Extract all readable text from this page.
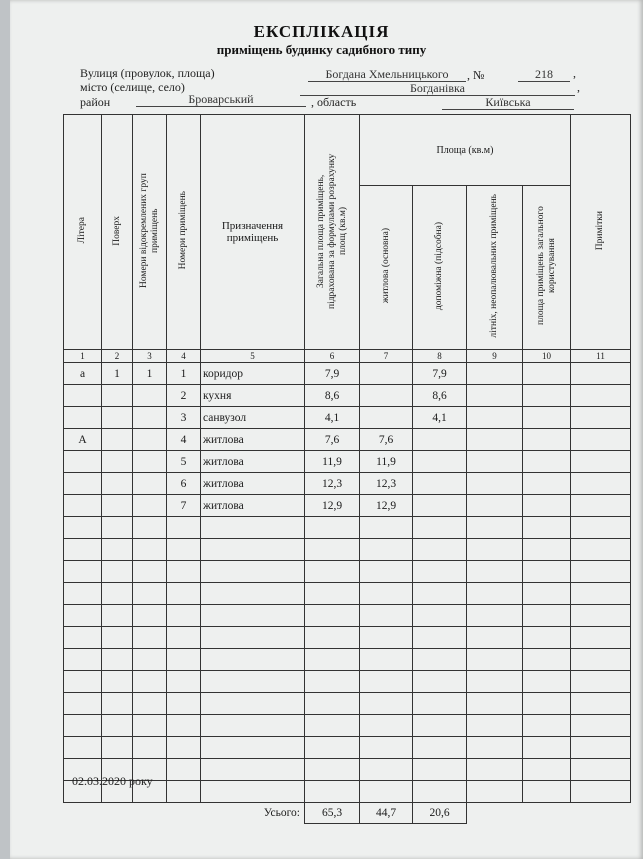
ЕКСПЛІКАЦІЯ
приміщень будинку садибного типу
Вулиця (провулок, площа)	Богдана Хмельницького	, №	218	,
місто (селище, село)	Богданівка	,
район	Броварський	, область	Київська
Літера	Поверх	Номери відокремлених груп приміщень	Номери приміщень	Призначення приміщень	Загальна площа приміщень, підрахована за формулами розрахунку площ (кв.м)	Площа (кв.м)				Примітки
						житлова (основна)	допоміжна (підсобна)	літніх, неопалювальних приміщень	площа приміщень загального користування	
1	2	3	4	5	6	7	8	9	10	11
а	1	1	1	коридор	7,9		7,9			
			2	кухня	8,6		8,6			
			3	санвузол	4,1		4,1			
А			4	житлова	7,6	7,6				
			5	житлова	11,9	11,9				
			6	житлова	12,3	12,3				
			7	житлова	12,9	12,9				

Усього:					65,3	44,7	20,6			
02.03.2020 року
